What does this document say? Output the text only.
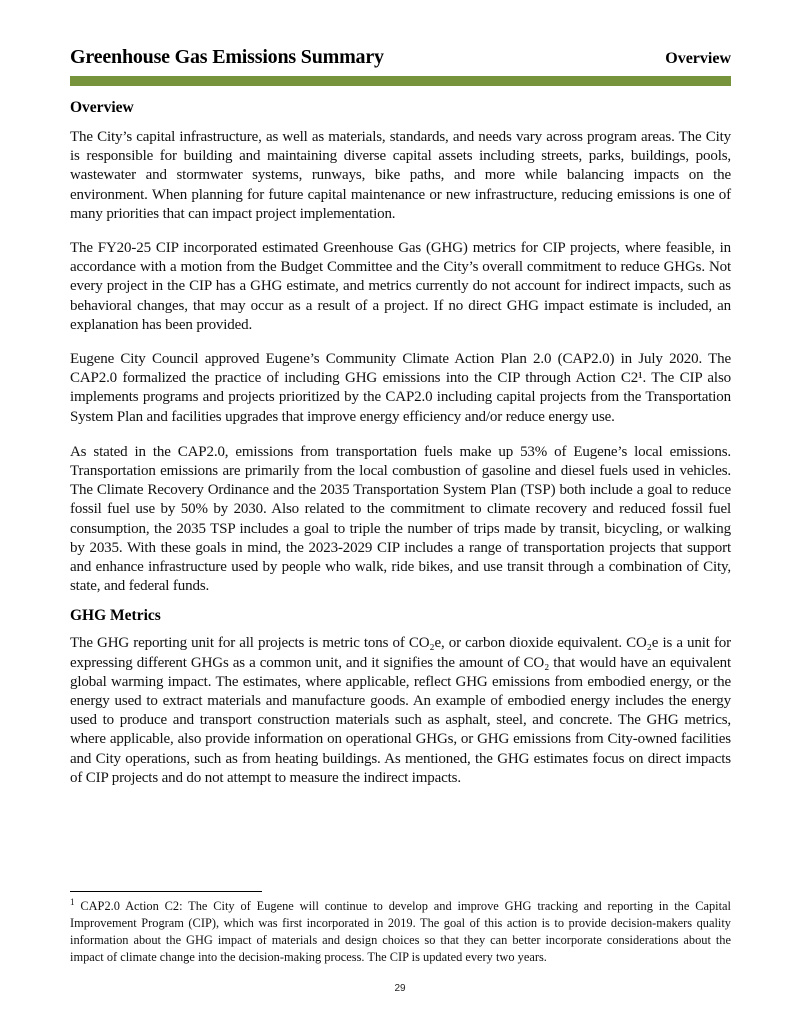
Greenhouse Gas Emissions Summary	Overview
Overview

The City’s capital infrastructure, as well as materials, standards, and needs vary across program areas. The City is responsible for building and maintaining diverse capital assets including streets, parks, buildings, pools, wastewater and stormwater systems, runways, bike paths, and more while balancing impacts on the environment. When planning for future capital maintenance or new infrastructure, reducing emissions is one of many priorities that can impact project implementation.

The FY20-25 CIP incorporated estimated Greenhouse Gas (GHG) metrics for CIP projects, where feasible, in accordance with a motion from the Budget Committee and the City’s overall commitment to reduce GHGs. Not every project in the CIP has a GHG estimate, and metrics currently do not account for indirect impacts, such as behavioral changes, that may occur as a result of a project. If no direct GHG impact estimate is included, an explanation has been provided.

Eugene City Council approved Eugene’s Community Climate Action Plan 2.0 (CAP2.0) in July 2020. The CAP2.0 formalized the practice of including GHG emissions into the CIP through Action C2¹. The CIP also implements programs and projects prioritized by the CAP2.0 including capital projects from the Transportation System Plan and facilities upgrades that improve energy efficiency and/or reduce energy use.

As stated in the CAP2.0, emissions from transportation fuels make up 53% of Eugene’s local emissions. Transportation emissions are primarily from the local combustion of gasoline and diesel fuels used in vehicles. The Climate Recovery Ordinance and the 2035 Transportation System Plan (TSP) both include a goal to reduce fossil fuel use by 50% by 2030. Also related to the commitment to climate recovery and reduced fossil fuel consumption, the 2035 TSP includes a goal to triple the number of trips made by transit, bicycling, or walking by 2035. With these goals in mind, the 2023-2029 CIP includes a range of transportation projects that support and enhance infrastructure used by people who walk, ride bikes, and use transit through a combination of City, state, and federal funds.

GHG Metrics

The GHG reporting unit for all projects is metric tons of CO₂e, or carbon dioxide equivalent. CO₂e is a unit for expressing different GHGs as a common unit, and it signifies the amount of CO₂ that would have an equivalent global warming impact. The estimates, where applicable, reflect GHG emissions from embodied energy, or the energy used to extract materials and manufacture goods. An example of embodied energy includes the energy used to produce and transport construction materials such as asphalt, steel, and concrete. The GHG metrics, where applicable, also provide information on operational GHGs, or GHG emissions from City-owned facilities and City operations, such as from heating buildings. As mentioned, the GHG estimates focus on direct impacts of CIP projects and do not attempt to measure the indirect impacts.

$^1$ CAP2.0 Action C2: The City of Eugene will continue to develop and improve GHG tracking and reporting in the Capital Improvement Program (CIP), which was first incorporated in 2019. The goal of this action is to provide decision-makers quality information about the GHG impact of materials and design choices so that they can better incorporate considerations about the impact of climate change into the decision-making process. The CIP is updated every two years.

29
